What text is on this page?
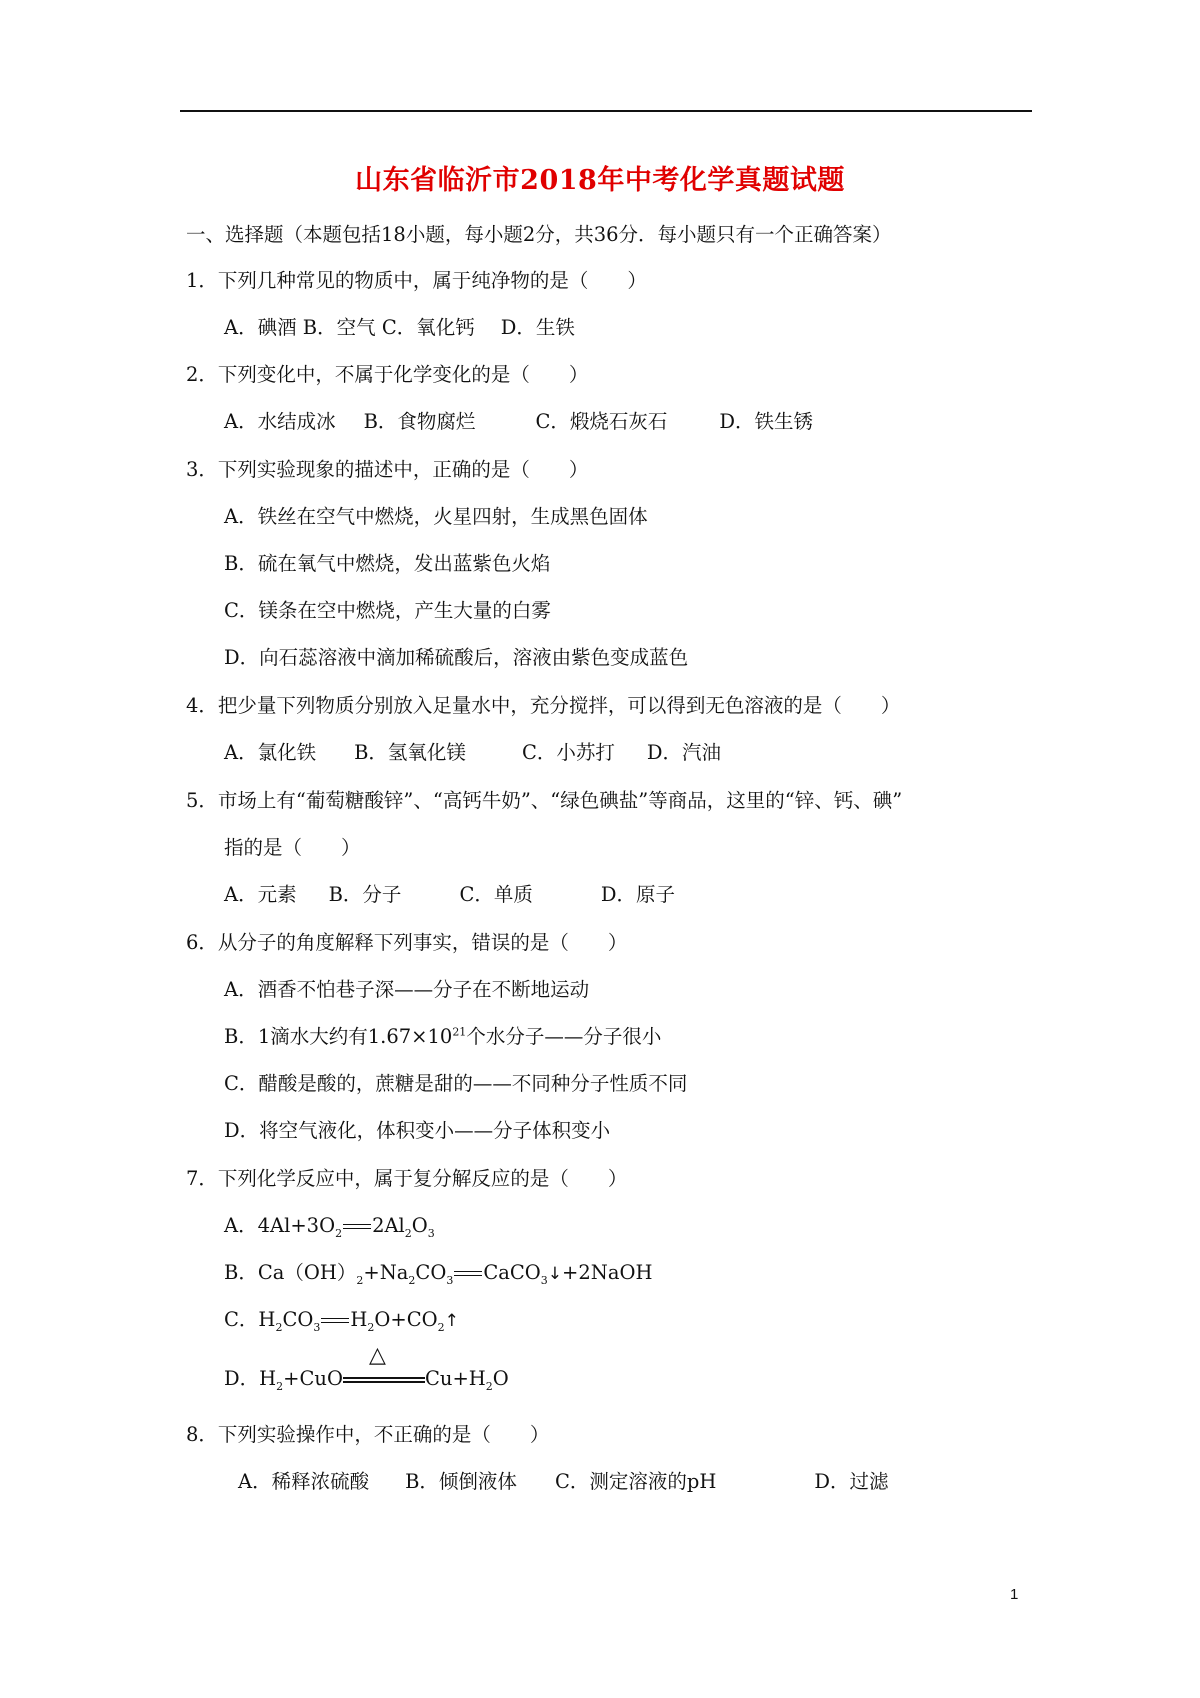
山东省临沂市2018年中考化学真题试题
一、选择题（本题包括18小题，每小题2分，共36分．每小题只有一个正确答案）
1．下列几种常见的物质中，属于纯净物的是（　　）
A．碘酒 B．空气 C．氧化钙 D．生铁
2．下列变化中，不属于化学变化的是（　　）
A．水结成冰 B．食物腐烂	C．煅烧石灰石	D．铁生锈
3．下列实验现象的描述中，正确的是（　　）
A．铁丝在空气中燃烧，火星四射，生成黑色固体
B．硫在氧气中燃烧，发出蓝紫色火焰
C．镁条在空中燃烧，产生大量的白雾
D．向石蕊溶液中滴加稀硫酸后，溶液由紫色变成蓝色
4．把少量下列物质分别放入足量水中，充分搅拌，可以得到无色溶液的是（　　）
A．氯化铁 B．氢氧化镁	C．小苏打 D．汽油
5．市场上有“葡萄糖酸锌”、“高钙牛奶”、“绿色碘盐”等商品，这里的“锌、钙、碘”
指的是（　　）
A．元素 B．分子	C．单质	D．原子
6．从分子的角度解释下列事实，错误的是（　　）
A．酒香不怕巷子深——分子在不断地运动
B．1滴水大约有$1.67\times 10^{21}$个水分子——分子很小
C．醋酸是酸的，蔗糖是甜的——不同种分子性质不同
D．将空气液化，体积变小——分子体积变小
7．下列化学反应中，属于复分解反应的是（　　）
A．$4Al+3O_2$ $2Al_2O_3$
B．$Ca(OH)_2+Na_2CO_3$ CaCO$_3$↓+2NaOH
C．$H_2CO_3$ $H_2O+CO_2↑$
D．$H_2+CuO$
△
$Cu+H_2O$
8．下列实验操作中，不正确的是（　　）
A．稀释浓硫酸 B．倾倒液体 C．测定溶液的pH	D．过滤
1
